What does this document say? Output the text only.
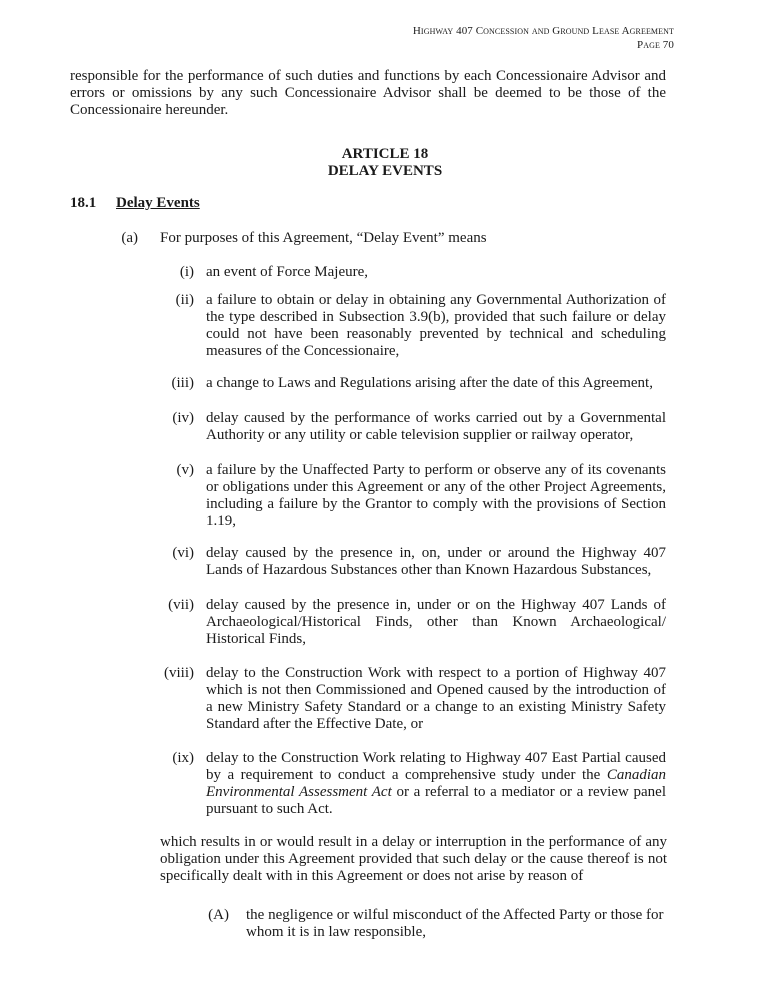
Highway 407 Concession and Ground Lease Agreement
Page 70

responsible for the performance of such duties and functions by each Concessionaire Advisor and errors or omissions by any such Concessionaire Advisor shall be deemed to be those of the Concessionaire hereunder.

ARTICLE 18
DELAY EVENTS
18.1 Delay Events
(a) For purposes of this Agreement, “Delay Event” means
(i) an event of Force Majeure,

(ii) a failure to obtain or delay in obtaining any Governmental Authorization of the type described in Subsection 3.9(b), provided that such failure or delay could not have been reasonably prevented by technical and scheduling measures of the Concessionaire,

(iii) a change to Laws and Regulations arising after the date of this Agreement,

(iv) delay caused by the performance of works carried out by a Governmental Authority or any utility or cable television supplier or railway operator,

(v) a failure by the Unaffected Party to perform or observe any of its covenants or obligations under this Agreement or any of the other Project Agreements, including a failure by the Grantor to comply with the provisions of Section 1.19,

(vi) delay caused by the presence in, on, under or around the Highway 407 Lands of Hazardous Substances other than Known Hazardous Substances,

(vii) delay caused by the presence in, under or on the Highway 407 Lands of Archaeological/Historical Finds, other than Known Archaeological/ Historical Finds,

(viii) delay to the Construction Work with respect to a portion of Highway 407 which is not then Commissioned and Opened caused by the introduction of a new Ministry Safety Standard or a change to an existing Ministry Safety Standard after the Effective Date, or

(ix) delay to the Construction Work relating to Highway 407 East Partial caused by a requirement to conduct a comprehensive study under the Canadian Environmental Assessment Act or a referral to a mediator or a review panel pursuant to such Act.

which results in or would result in a delay or interruption in the performance of any obligation under this Agreement provided that such delay or the cause thereof is not specifically dealt with in this Agreement or does not arise by reason of

(A) the negligence or wilful misconduct of the Affected Party or those for whom it is in law responsible,
